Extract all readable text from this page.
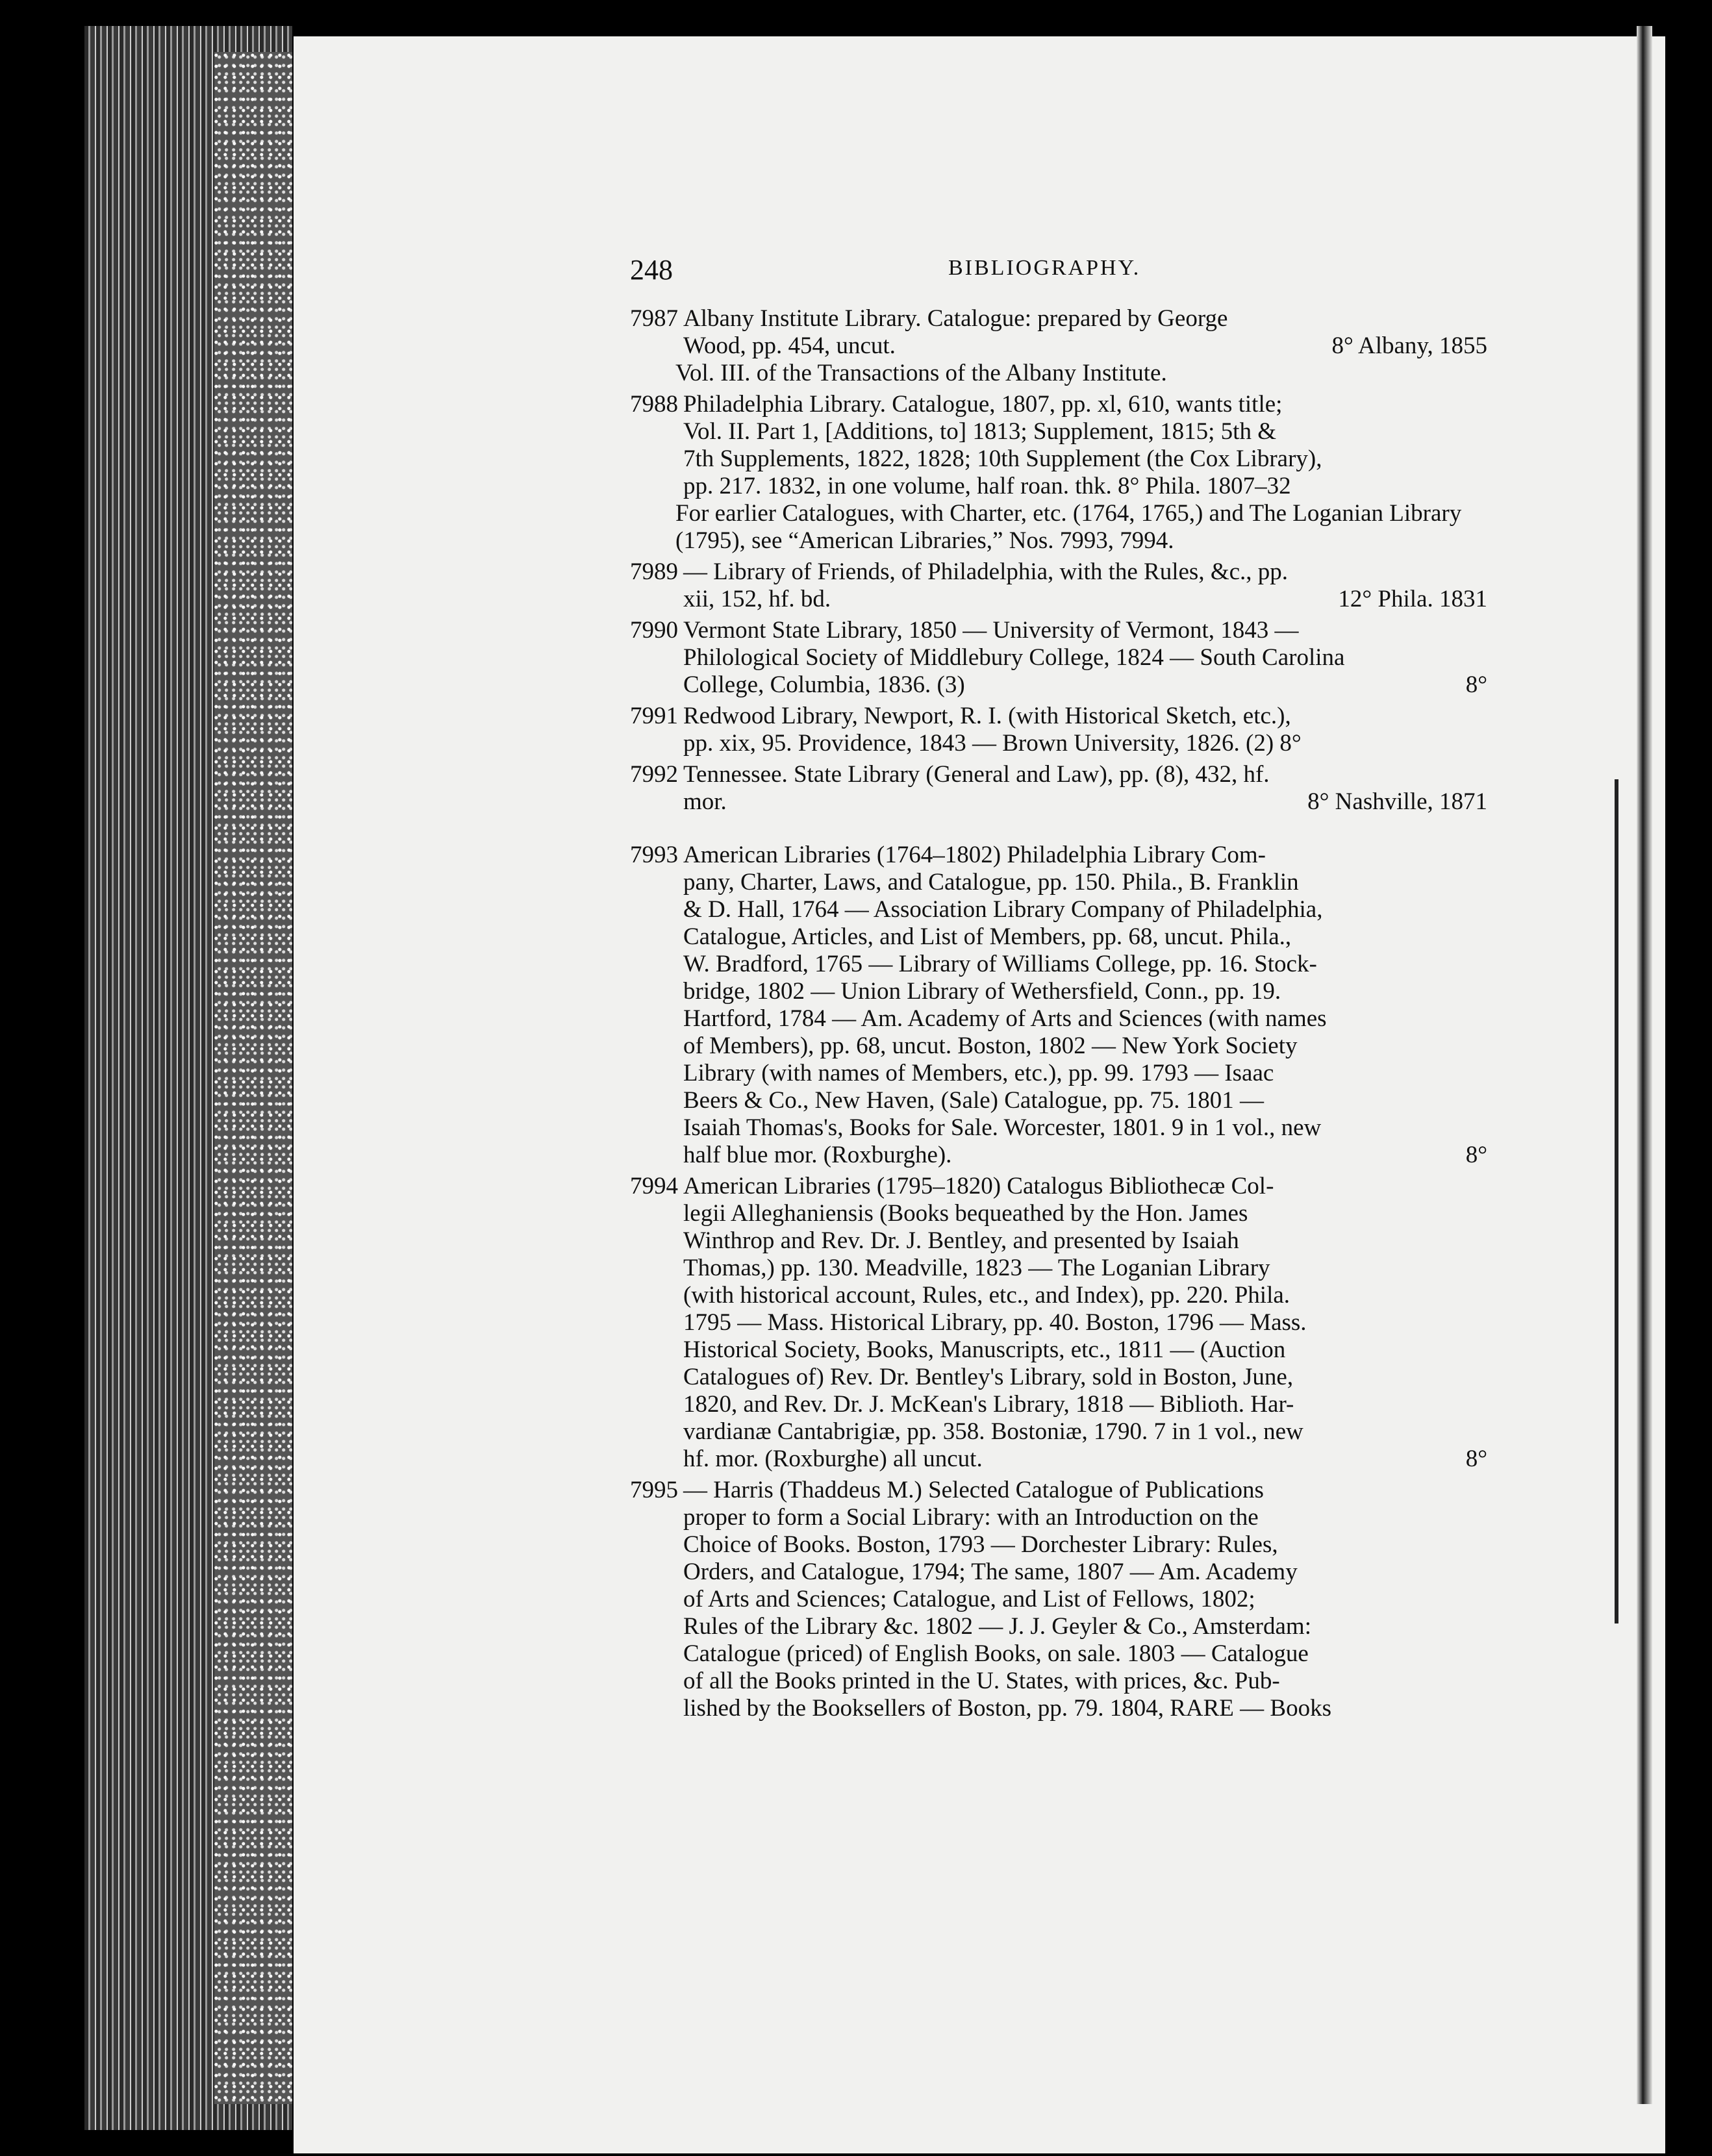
248	BIBLIOGRAPHY.

7987 Albany Institute Library. Catalogue: prepared by George

Wood, pp. 454, uncut.	8° Albany, 1855

Vol. III. of the Transactions of the Albany Institute.

7988 Philadelphia Library. Catalogue, 1807, pp. xl, 610, wants title;

Vol. II. Part 1, [Additions, to] 1813; Supplement, 1815; 5th &

7th Supplements, 1822, 1828; 10th Supplement (the Cox Library),

pp. 217. 1832, in one volume, half roan. thk. 8° Phila. 1807–32

For earlier Catalogues, with Charter, etc. (1764, 1765,) and The Loganian Library

(1795), see “American Libraries,” Nos. 7993, 7994.

7989 — Library of Friends, of Philadelphia, with the Rules, &c., pp.

xii, 152, hf. bd.	12° Phila. 1831

7990 Vermont State Library, 1850 — University of Vermont, 1843 —

Philological Society of Middlebury College, 1824 — South Carolina

College, Columbia, 1836. (3)	8°

7991 Redwood Library, Newport, R. I. (with Historical Sketch, etc.),

pp. xix, 95. Providence, 1843 — Brown University, 1826. (2) 8°

7992 Tennessee. State Library (General and Law), pp. (8), 432, hf.

mor.	8° Nashville, 1871

7993 American Libraries (1764–1802) Philadelphia Library Com-

pany, Charter, Laws, and Catalogue, pp. 150. Phila., B. Franklin

& D. Hall, 1764 — Association Library Company of Philadelphia,

Catalogue, Articles, and List of Members, pp. 68, uncut. Phila.,

W. Bradford, 1765 — Library of Williams College, pp. 16. Stock-

bridge, 1802 — Union Library of Wethersfield, Conn., pp. 19.

Hartford, 1784 — Am. Academy of Arts and Sciences (with names

of Members), pp. 68, uncut. Boston, 1802 — New York Society

Library (with names of Members, etc.), pp. 99. 1793 — Isaac

Beers & Co., New Haven, (Sale) Catalogue, pp. 75. 1801 —

Isaiah Thomas's, Books for Sale. Worcester, 1801. 9 in 1 vol., new

half blue mor. (Roxburghe).	8°

7994 American Libraries (1795–1820) Catalogus Bibliothecæ Col-

legii Alleghaniensis (Books bequeathed by the Hon. James

Winthrop and Rev. Dr. J. Bentley, and presented by Isaiah

Thomas,) pp. 130. Meadville, 1823 — The Loganian Library

(with historical account, Rules, etc., and Index), pp. 220. Phila.

1795 — Mass. Historical Library, pp. 40. Boston, 1796 — Mass.

Historical Society, Books, Manuscripts, etc., 1811 — (Auction

Catalogues of) Rev. Dr. Bentley's Library, sold in Boston, June,

1820, and Rev. Dr. J. McKean's Library, 1818 — Biblioth. Har-

vardianæ Cantabrigiæ, pp. 358. Bostoniæ, 1790. 7 in 1 vol., new

hf. mor. (Roxburghe) all uncut.	8°

7995 — Harris (Thaddeus M.) Selected Catalogue of Publications

proper to form a Social Library: with an Introduction on the

Choice of Books. Boston, 1793 — Dorchester Library: Rules,

Orders, and Catalogue, 1794; The same, 1807 — Am. Academy

of Arts and Sciences; Catalogue, and List of Fellows, 1802;

Rules of the Library &c. 1802 — J. J. Geyler & Co., Amsterdam:

Catalogue (priced) of English Books, on sale. 1803 — Catalogue

of all the Books printed in the U. States, with prices, &c. Pub-

lished by the Booksellers of Boston, pp. 79. 1804, RARE — Books
